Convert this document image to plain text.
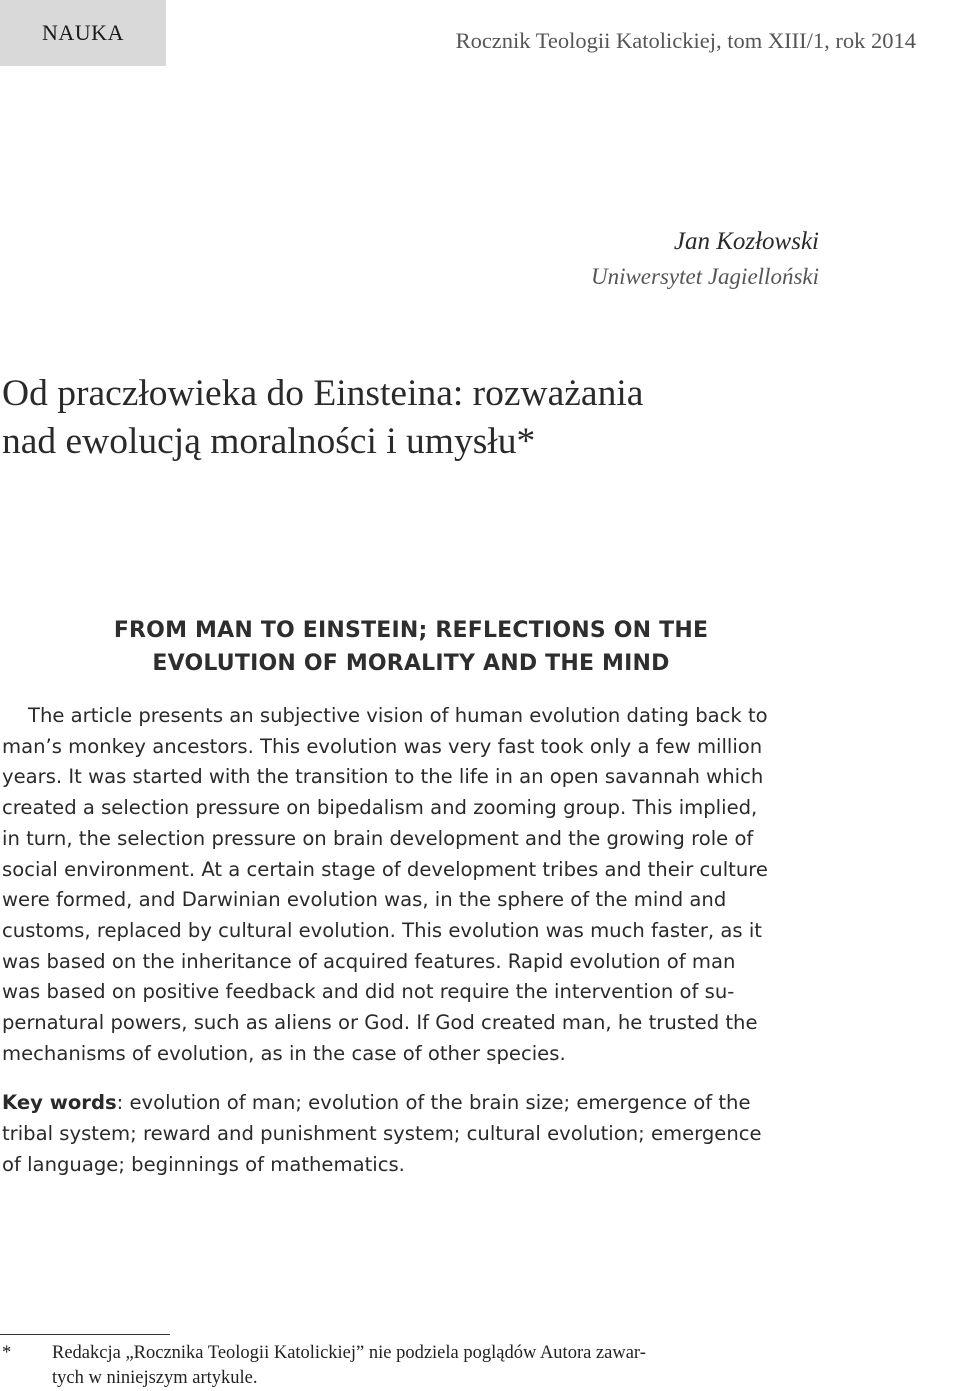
NAUKA	Rocznik Teologii Katolickiej, tom XIII/1, rok 2014
Jan Kozłowski
Uniwersytet Jagielloński
Od praczłowieka do Einsteina: rozważania
nad ewolucją moralności i umysłu*
FROM MAN TO EINSTEIN; REFLECTIONS ON THE
EVOLUTION OF MORALITY AND THE MIND
The article presents an subjective vision of human evolution dating back to
man’s monkey ancestors. This evolution was very fast took only a few million
years. It was started with the transition to the life in an open savannah which
created a selection pressure on bipedalism and zooming group. This implied,
in turn, the selection pressure on brain development and the growing role of
social environment. At a certain stage of development tribes and their culture
were formed, and Darwinian evolution was, in the sphere of the mind and
customs, replaced by cultural evolution. This evolution was much faster, as it
was based on the inheritance of acquired features. Rapid evolution of man
was based on positive feedback and did not require the intervention of su-
pernatural powers, such as aliens or God. If God created man, he trusted the
mechanisms of evolution, as in the case of other species.
Key words: evolution of man; evolution of the brain size; emergence of the
tribal system; reward and punishment system; cultural evolution; emergence
of language; beginnings of mathematics.
* Redakcja „Rocznika Teologii Katolickiej” nie podziela poglądów Autora zawar-
tych w niniejszym artykule.
